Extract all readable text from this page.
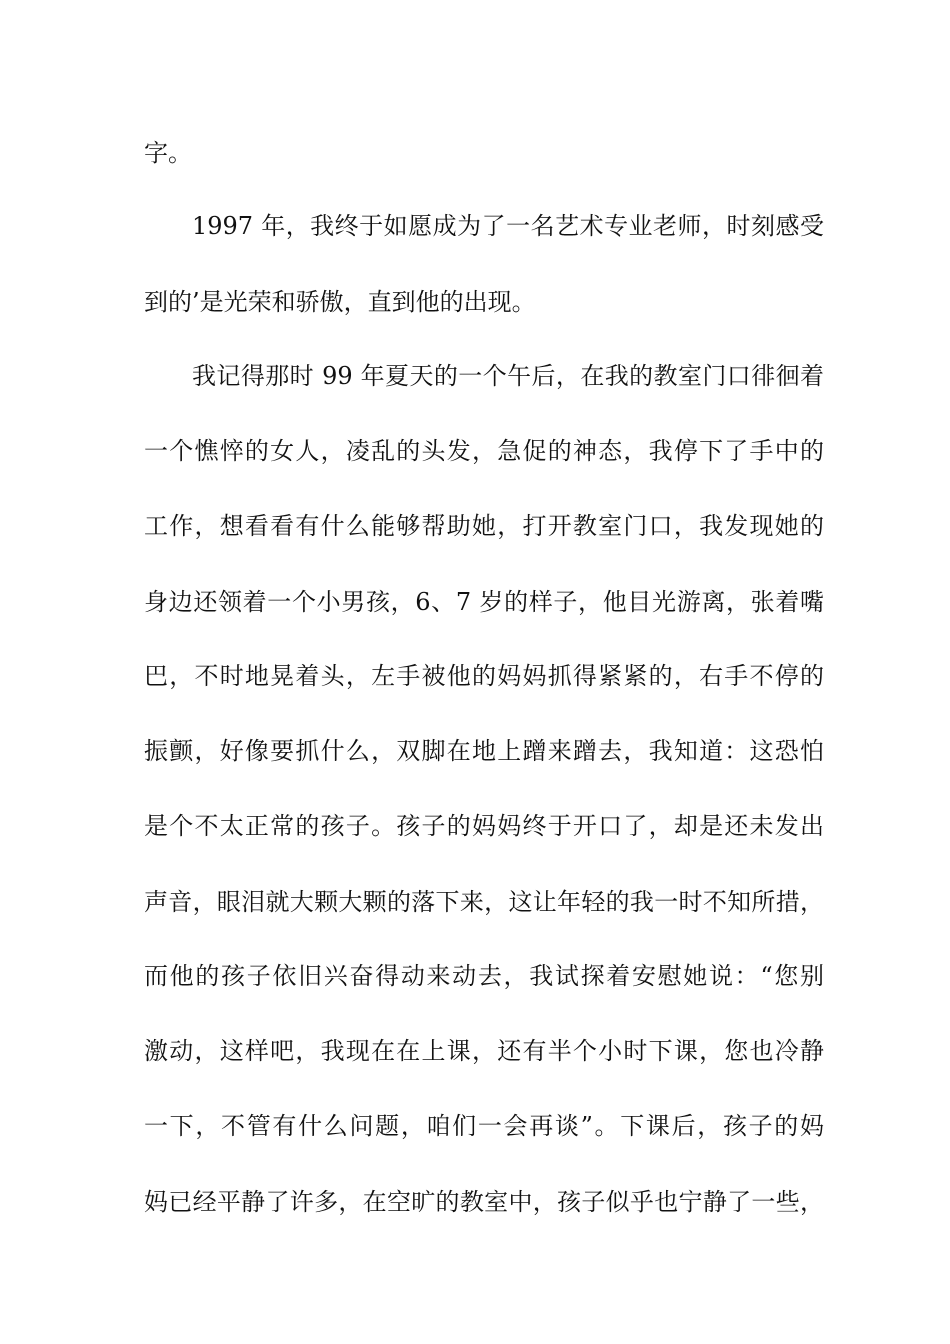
字。
1997 年，我终于如愿成为了一名艺术专业老师，时刻感受
到的’是光荣和骄傲，直到他的出现。
我记得那时 99 年夏天的一个午后，在我的教室门口徘徊着
一个憔悴的女人，凌乱的头发，急促的神态，我停下了手中的
工作，想看看有什么能够帮助她，打开教室门口，我发现她的
身边还领着一个小男孩，6、7 岁的样子，他目光游离，张着嘴
巴，不时地晃着头，左手被他的妈妈抓得紧紧的，右手不停的
振颤，好像要抓什么，双脚在地上蹭来蹭去，我知道：这恐怕
是个不太正常的孩子。孩子的妈妈终于开口了，却是还未发出
声音，眼泪就大颗大颗的落下来，这让年轻的我一时不知所措，
而他的孩子依旧兴奋得动来动去，我试探着安慰她说：“您别
激动，这样吧，我现在在上课，还有半个小时下课，您也冷静
一下，不管有什么问题，咱们一会再谈”。下课后，孩子的妈
妈已经平静了许多，在空旷的教室中，孩子似乎也宁静了一些，
